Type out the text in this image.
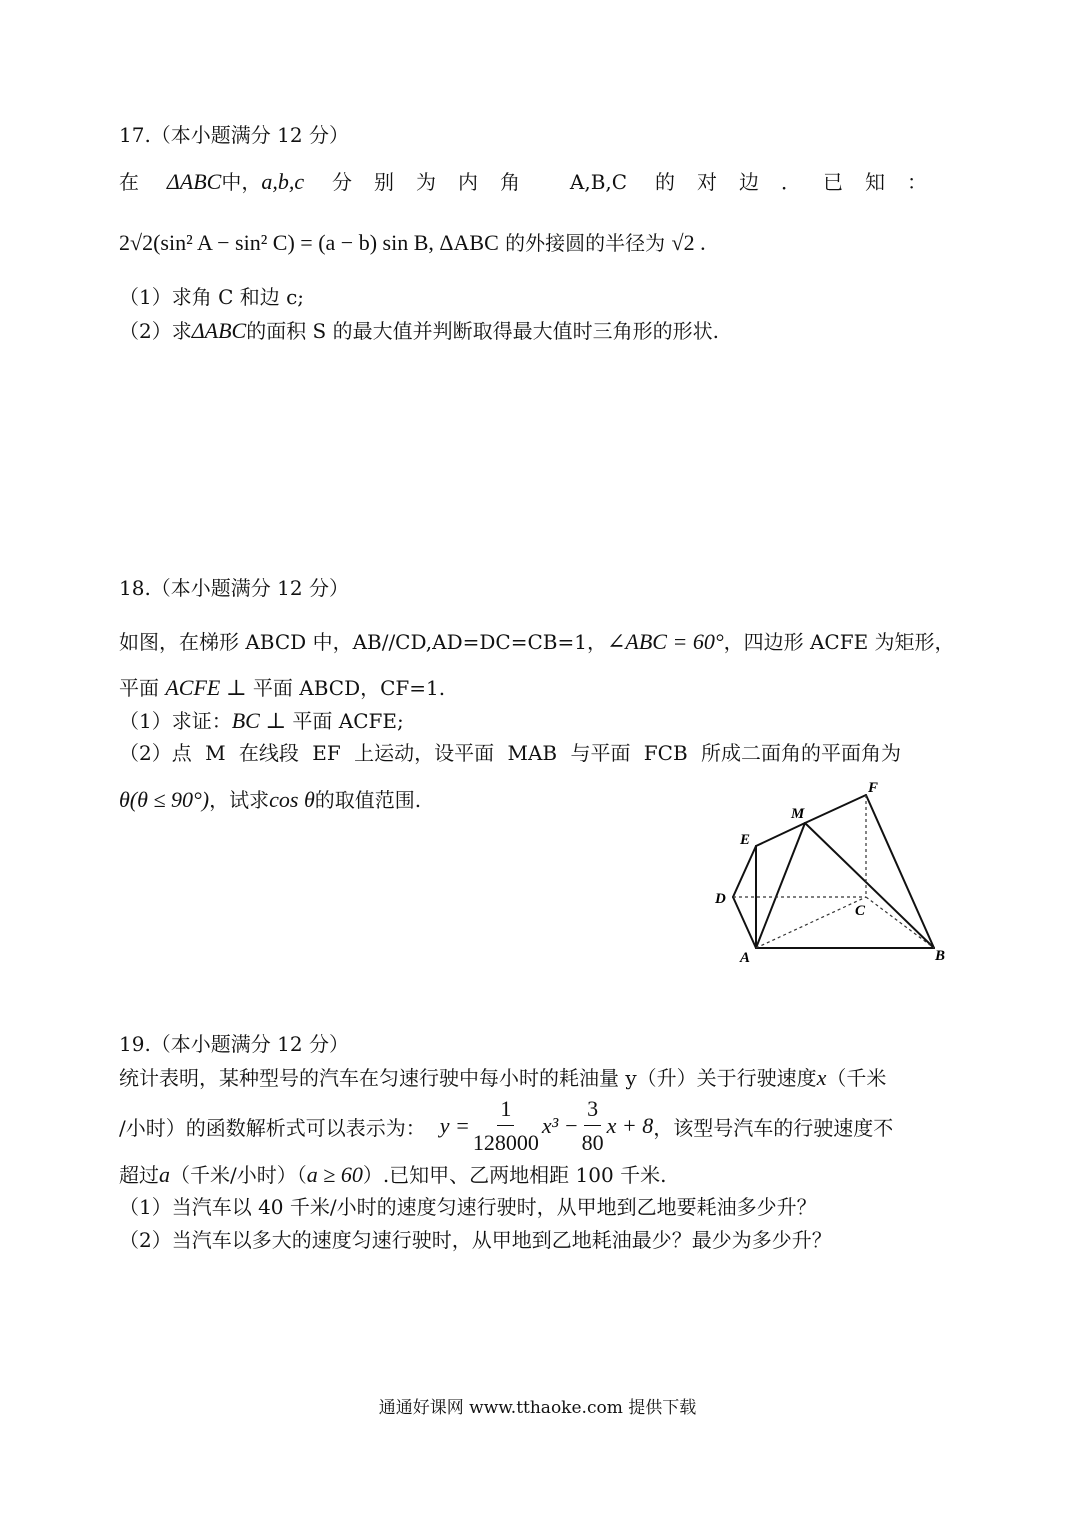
17.（本小题满分 12 分）
在 ΔABC中，a,b,c 分别为内角 A,B,C 的对边．已知：
2√2(sin² A − sin² C) = (a − b) sin B, ΔABC 的外接圆的半径为 √2 .
（1）求角 C 和边 c;
（2）求ΔABC的面积 S 的最大值并判断取得最大值时三角形的形状.
18.（本小题满分 12 分）
如图，在梯形 ABCD 中，AB//CD,AD=DC=CB=1，∠ABC = 60°，四边形 ACFE 为矩形，
平面 ACFE ⊥ 平面 ABCD，CF=1.
（1）求证：BC ⊥ 平面 ACFE;
（2）点 M 在线段 EF 上运动，设平面 MAB 与平面 FCB 所成二面角的平面角为
θ(θ ≤ 90°)，试求cos θ的取值范围.	F
M
E
D
C
A	B
19.（本小题满分 12 分）
统计表明，某种型号的汽车在匀速行驶中每小时的耗油量 y（升）关于行驶速度x（千米
/小时）的函数解析式可以表示为： $y = \frac{1}{128000} x^3 - \frac{3}{80}$ x + 8 ，该型号汽车的行驶速度不
超过a（千米/小时）（a ≥ 60）.已知甲、乙两地相距 100 千米.
（1）当汽车以 40 千米/小时的速度匀速行驶时，从甲地到乙地要耗油多少升？
（2）当汽车以多大的速度匀速行驶时，从甲地到乙地耗油最少？最少为多少升？
通通好课网 www.tthaoke.com 提供下载
